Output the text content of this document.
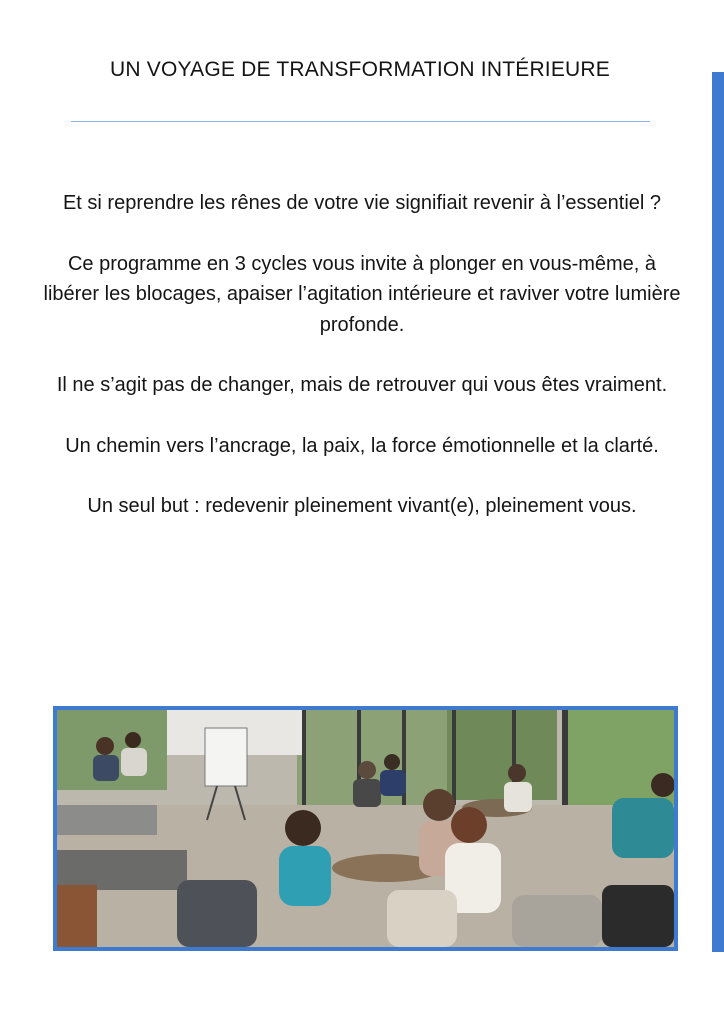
UN VOYAGE DE TRANSFORMATION INTÉRIEURE

Et si reprendre les rênes de votre vie signifiait revenir à l’essentiel ?

Ce programme en 3 cycles vous invite à plonger en vous-même, à libérer les blocages, apaiser l’agitation intérieure et raviver votre lumière profonde.

Il ne s’agit pas de changer, mais de retrouver qui vous êtes vraiment.

Un chemin vers l’ancrage, la paix, la force émotionnelle et la clarté.

Un seul but : redevenir pleinement vivant(e), pleinement vous.
